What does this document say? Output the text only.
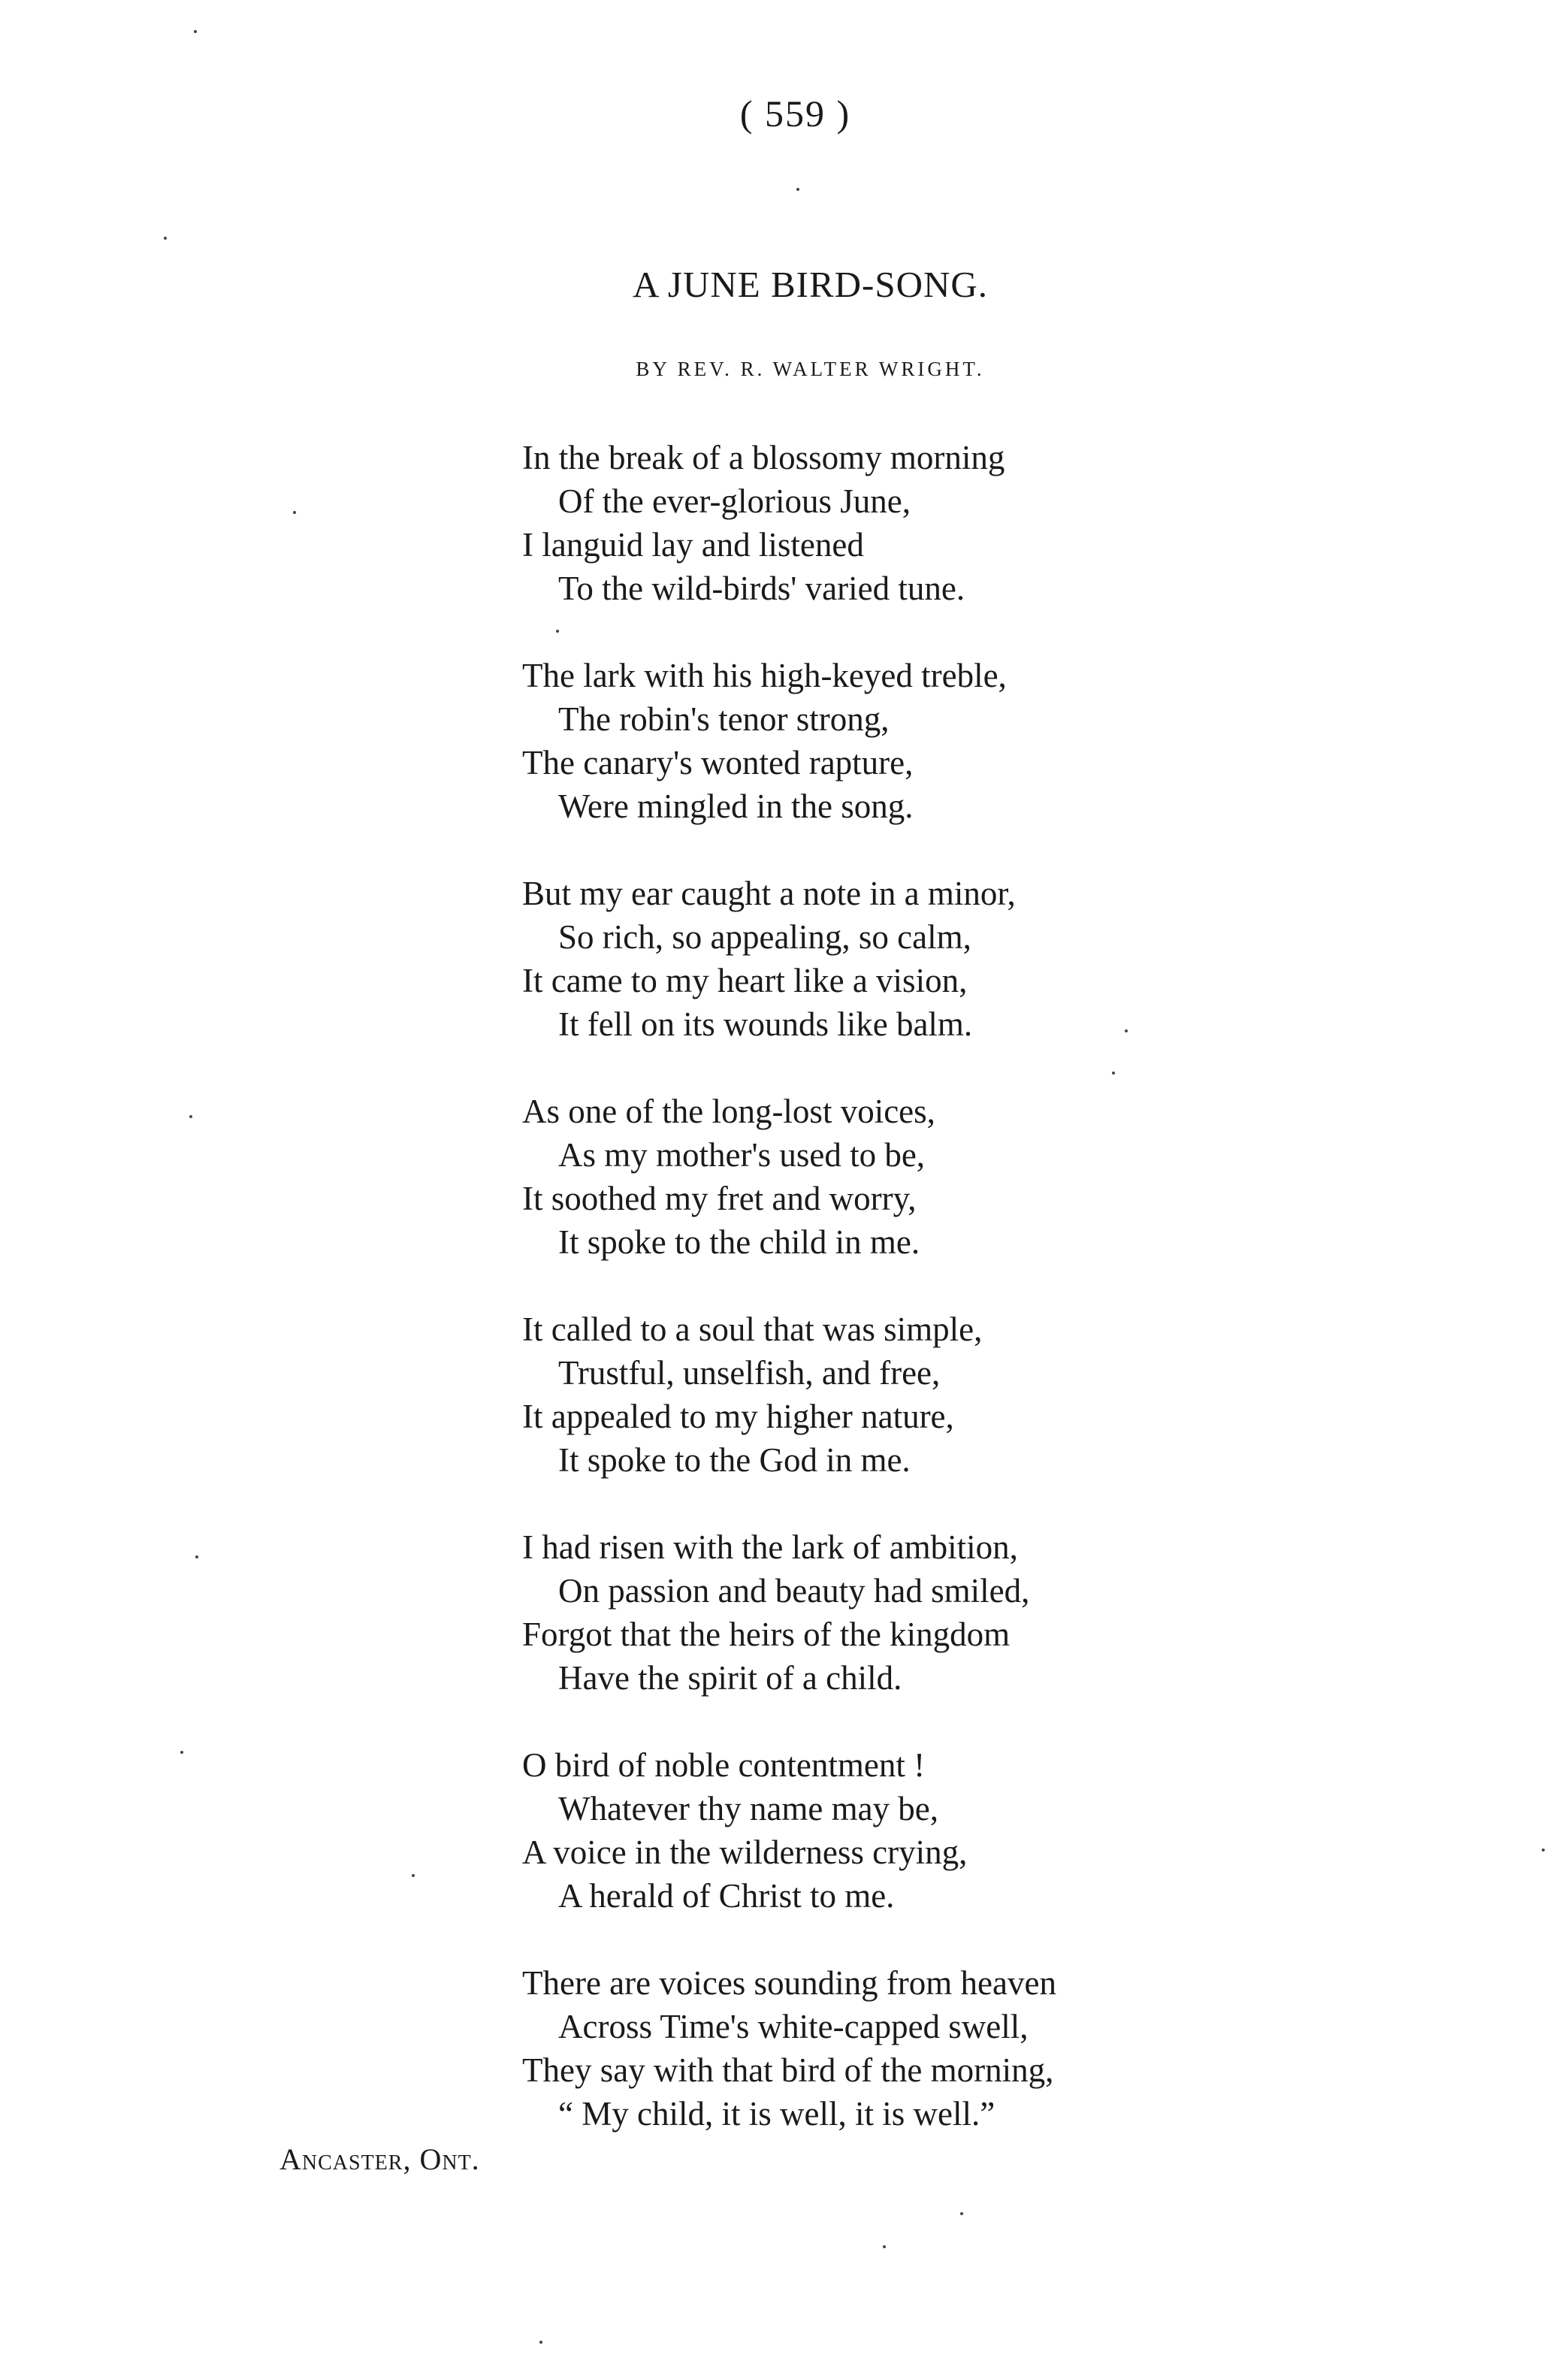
( 559 )
A JUNE BIRD-SONG.
BY REV. R. WALTER WRIGHT.
In the break of a blossomy morning
Of the ever-glorious June,
I languid lay and listened
To the wild-birds' varied tune.
The lark with his high-keyed treble,
The robin's tenor strong,
The canary's wonted rapture,
Were mingled in the song.
But my ear caught a note in a minor,
So rich, so appealing, so calm,
It came to my heart like a vision,
It fell on its wounds like balm.
As one of the long-lost voices,
As my mother's used to be,
It soothed my fret and worry,
It spoke to the child in me.
It called to a soul that was simple,
Trustful, unselfish, and free,
It appealed to my higher nature,
It spoke to the God in me.
I had risen with the lark of ambition,
On passion and beauty had smiled,
Forgot that the heirs of the kingdom
Have the spirit of a child.
O bird of noble contentment !
Whatever thy name may be,
A voice in the wilderness crying,
A herald of Christ to me.
There are voices sounding from heaven
Across Time's white-capped swell,
They say with that bird of the morning,
“ My child, it is well, it is well.”
Ancaster, Ont.
